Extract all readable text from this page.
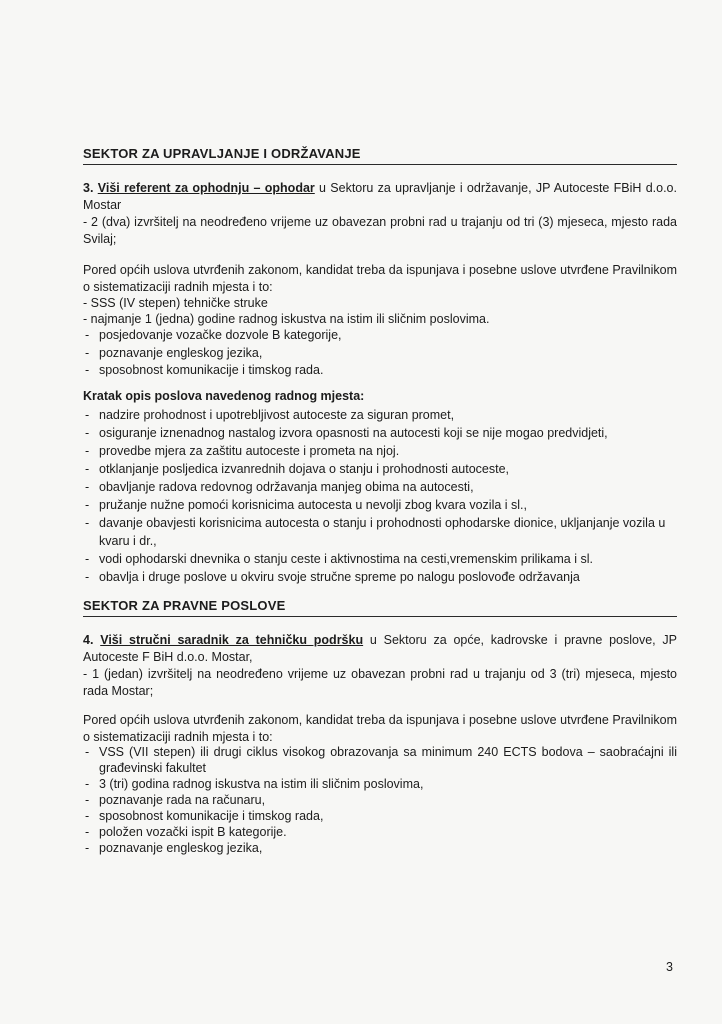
SEKTOR ZA UPRAVLJANJE I ODRŽAVANJE
3. Viši referent za ophodnju – ophodar u Sektoru za upravljanje i održavanje, JP Autoceste FBiH d.o.o. Mostar
- 2 (dva) izvršitelj na neodređeno vrijeme uz obavezan probni rad u trajanju od tri (3) mjeseca, mjesto rada Svilaj;
Pored općih uslova utvrđenih zakonom, kandidat treba da ispunjava i posebne uslove utvrđene Pravilnikom o sistematizaciji radnih mjesta i to:
- SSS (IV stepen) tehničke struke
- najmanje 1 (jedna) godine radnog iskustva na istim ili sličnim poslovima.
- posjedovanje vozačke dozvole B kategorije,
- poznavanje engleskog jezika,
- sposobnost komunikacije i timskog rada.
Kratak opis poslova navedenog radnog mjesta:
- nadzire prohodnost i upotrebljivost autoceste za siguran promet,
- osiguranje iznenadnog nastalog izvora opasnosti na autocesti koji se nije mogao predvidjeti,
- provedbe mjera za zaštitu autoceste i prometa na njoj.
- otklanjanje posljedica izvanrednih dojava o stanju i prohodnosti autoceste,
- obavljanje radova redovnog održavanja manjeg obima na autocesti,
- pružanje nužne pomoći korisnicima autocesta u nevolji zbog kvara vozila i sl.,
- davanje obavjesti korisnicima autocesta o stanju i prohodnosti ophodarske dionice, ukljanjanje vozila u kvaru i dr.,
- vodi ophodarski dnevnika o stanju ceste i aktivnostima na cesti,vremenskim prilikama i sl.
- obavlja i druge poslove u okviru svoje stručne spreme po nalogu poslovođe održavanja
SEKTOR ZA PRAVNE POSLOVE
4. Viši stručni saradnik za tehničku podršku u Sektoru za opće, kadrovske i pravne poslove, JP Autoceste F BiH d.o.o. Mostar,
- 1 (jedan) izvršitelj na neodređeno vrijeme uz obavezan probni rad u trajanju od 3 (tri) mjeseca, mjesto rada Mostar;
Pored općih uslova utvrđenih zakonom, kandidat treba da ispunjava i posebne uslove utvrđene Pravilnikom o sistematizaciji radnih mjesta i to:
- VSS (VII stepen) ili drugi ciklus visokog obrazovanja sa minimum 240 ECTS bodova – saobraćajni ili građevinski fakultet
- 3 (tri) godina radnog iskustva na istim ili sličnim poslovima,
- poznavanje rada na računaru,
- sposobnost komunikacije i timskog rada,
- položen vozački ispit B kategorije.
- poznavanje engleskog jezika,
3
